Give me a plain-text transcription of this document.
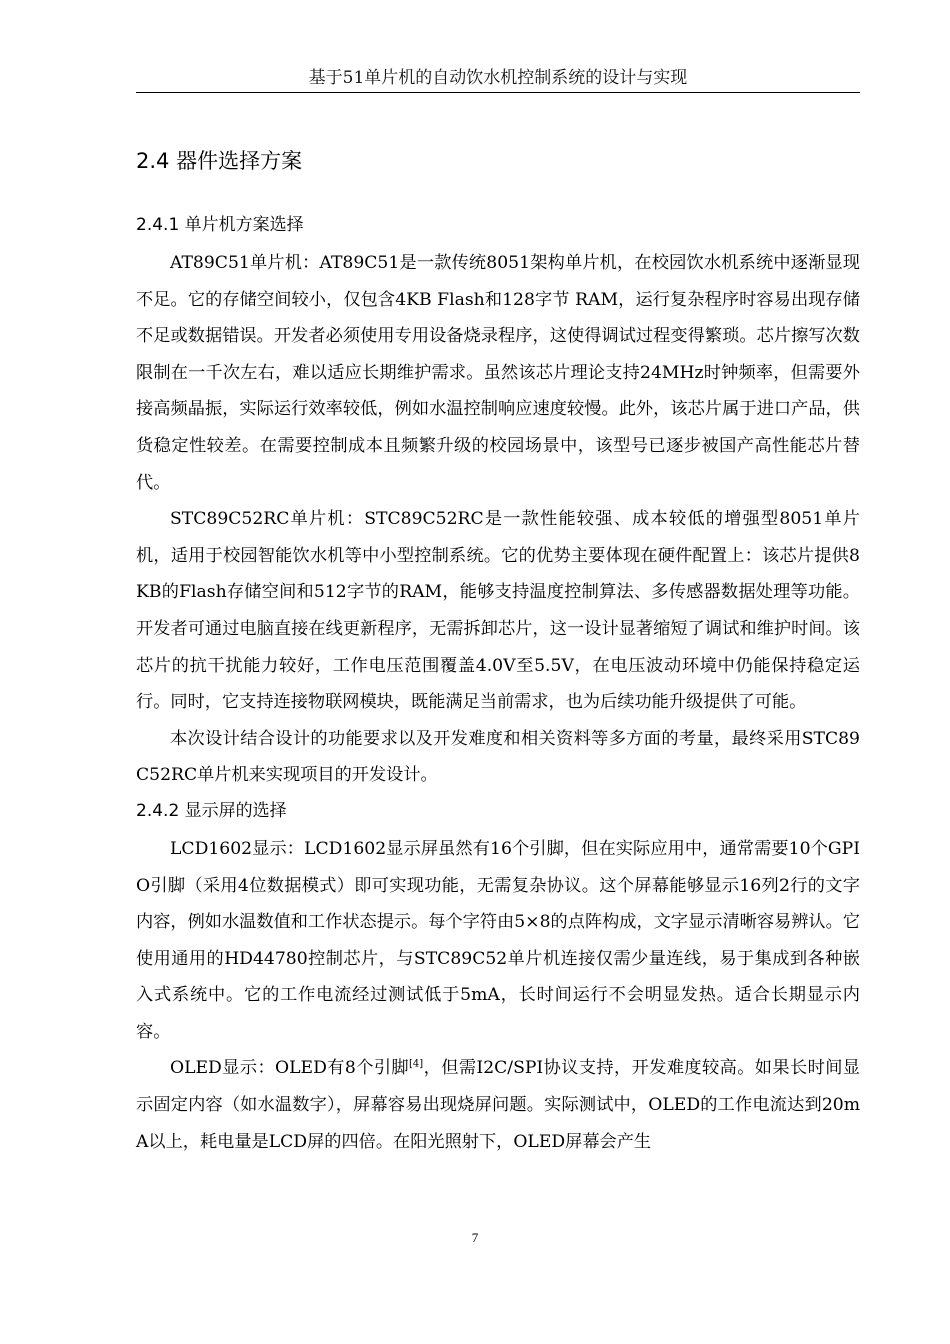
基于51单片机的自动饮水机控制系统的设计与实现
2.4 器件选择方案
2.4.1 单片机方案选择

AT89C51单片机：AT89C51是一款传统8051架构单片机，在校园饮水机系统中逐渐显现不足。它的存储空间较小，仅包含4KB Flash和128字节 RAM，运行复杂程序时容易出现存储不足或数据错误。开发者必须使用专用设备烧录程序，这使得调试过程变得繁琐。芯片擦写次数限制在一千次左右，难以适应长期维护需求。虽然该芯片理论支持24MHz时钟频率，但需要外接高频晶振，实际运行效率较低，例如水温控制响应速度较慢。此外，该芯片属于进口产品，供货稳定性较差。在需要控制成本且频繁升级的校园场景中，该型号已逐步被国产高性能芯片替代。

STC89C52RC单片机：STC89C52RC是一款性能较强、成本较低的增强型8051单片机，适用于校园智能饮水机等中小型控制系统。它的优势主要体现在硬件配置上：该芯片提供8KB的Flash存储空间和512字节的RAM，能够支持温度控制算法、多传感器数据处理等功能。开发者可通过电脑直接在线更新程序，无需拆卸芯片，这一设计显著缩短了调试和维护时间。该芯片的抗干扰能力较好，工作电压范围覆盖4.0V至5.5V，在电压波动环境中仍能保持稳定运行。同时，它支持连接物联网模块，既能满足当前需求，也为后续功能升级提供了可能。

本次设计结合设计的功能要求以及开发难度和相关资料等多方面的考量，最终采用STC89C52RC单片机来实现项目的开发设计。

2.4.2 显示屏的选择

LCD1602显示：LCD1602显示屏虽然有16个引脚，但在实际应用中，通常需要10个GPIO引脚（采用4位数据模式）即可实现功能，无需复杂协议。这个屏幕能够显示16列2行的文字内容，例如水温数值和工作状态提示。每个字符由5×8的点阵构成，文字显示清晰容易辨认。它使用通用的HD44780控制芯片，与STC89C52单片机连接仅需少量连线，易于集成到各种嵌入式系统中。它的工作电流经过测试低于5mA，长时间运行不会明显发热。适合长期显示内容。

OLED显示：OLED有8个引脚[4]，但需I2C/SPI协议支持，开发难度较高。如果长时间显示固定内容（如水温数字），屏幕容易出现烧屏问题。实际测试中，OLED的工作电流达到20mA以上，耗电量是LCD屏的四倍。在阳光照射下，OLED屏幕会产生

7
